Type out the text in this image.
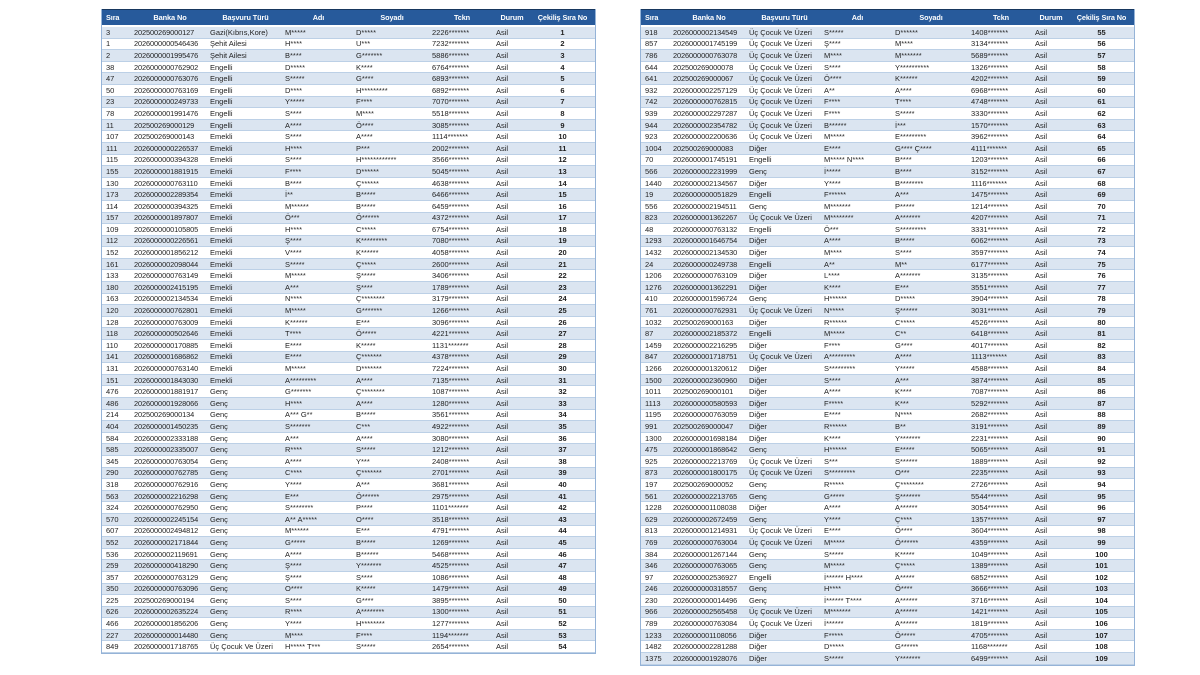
Sıra	Banka No	Başvuru Türü	Adı	Soyadı	Tckn	Durum	Çekiliş Sıra No
3	202500269000127	Gazi(Kıbrıs,Kore)	M*****	D*****	2226*******	Asil	1
1	2026000000546436	Şehit Ailesi	H****	U***	7232*******	Asil	2
2	2026000001995476	Şehit Ailesi	B****	G*******	5886*******	Asil	3
38	2026000000762902	Engelli	D*****	K****	6764*******	Asil	4
47	2026000000763076	Engelli	S*****	G****	6893*******	Asil	5
50	2026000000763169	Engelli	D****	H*********	6892*******	Asil	6
23	2026000000249733	Engelli	Y*****	F****	7070*******	Asil	7
78	2026000001991476	Engelli	S****	M****	5518*******	Asil	8
11	202500269000129	Engelli	A****	Ö****	3085*******	Asil	9
107	202500269000143	Emekli	S****	A****	1114*******	Asil	10
111	2026000000226537	Emekli	H****	P***	2002*******	Asil	11
115	2026000000394328	Emekli	S****	H************	3566*******	Asil	12
155	2026000001881915	Emekli	F****	D******	5045*******	Asil	13
130	2026000000763110	Emekli	B****	Ç******	4638*******	Asil	14
173	2026000002289354	Emekli	İ**	B*****	6466*******	Asil	15
114	2026000000394325	Emekli	M******	B*****	6459*******	Asil	16
157	2026000001897807	Emekli	Ö***	Ö******	4372*******	Asil	17
109	2026000000105805	Emekli	H****	C*****	6754*******	Asil	18
112	2026000000226561	Emekli	Ş****	K*********	7080*******	Asil	19
152	2026000001856212	Emekli	V****	K******	4058*******	Asil	20
161	2026000002098044	Emekli	S*****	Ç*****	2600*******	Asil	21
133	2026000000763149	Emekli	M*****	Ş*****	3406*******	Asil	22
180	2026000002415195	Emekli	A***	Ş****	1789*******	Asil	23
163	2026000002134534	Emekli	N****	Ç********	3179*******	Asil	24
120	2026000000762801	Emekli	M*****	G*******	1266*******	Asil	25
128	2026000000763009	Emekli	K******	E***	3096*******	Asil	26
118	2026000000502646	Emekli	T****	Ö*****	4221*******	Asil	27
110	2026000000170885	Emekli	E****	K*****	1131*******	Asil	28
141	2026000001686862	Emekli	E****	Ç*******	4378*******	Asil	29
131	2026000000763140	Emekli	M*****	D*******	7224*******	Asil	30
151	2026000001843030	Emekli	A*********	A****	7135*******	Asil	31
476	2026000001881917	Genç	G*******	Ç********	1087*******	Asil	32
486	2026000001928066	Genç	H****	A****	1280*******	Asil	33
214	202500269000134	Genç	A*** G**	B*****	3561*******	Asil	34
404	2026000001450235	Genç	S*******	C***	4922*******	Asil	35
584	2026000002333188	Genç	A***	A****	3080*******	Asil	36
585	2026000002335007	Genç	R****	S*****	1212*******	Asil	37
345	2026000000763054	Genç	A****	Y***	2408*******	Asil	38
290	2026000000762785	Genç	C****	Ç*******	2701*******	Asil	39
318	2026000000762916	Genç	Y****	A***	3681*******	Asil	40
563	2026000002216298	Genç	E***	Ö******	2975*******	Asil	41
324	2026000000762950	Genç	S********	P****	1101*******	Asil	42
570	2026000002245154	Genç	A** A*****	O****	3518*******	Asil	43
607	2026000002494812	Genç	M******	E***	4791*******	Asil	44
552	2026000002171844	Genç	G*****	B*****	1269*******	Asil	45
536	2026000002119691	Genç	A****	B******	5468*******	Asil	46
259	2026000000418290	Genç	Ş****	Y*******	4525*******	Asil	47
357	2026000000763129	Genç	Ş****	S****	1086*******	Asil	48
350	2026000000763096	Genç	O****	K*****	1479*******	Asil	49
225	202500269000194	Genç	S****	G****	3895*******	Asil	50
626	2026000002635224	Genç	R****	A********	1300*******	Asil	51
466	2026000001856206	Genç	Y****	H********	1277*******	Asil	52
227	2026000000014480	Genç	M****	F****	1194*******	Asil	53
849	2026000001718765	Üç Çocuk Ve Üzeri	H***** T***	S*****	2654*******	Asil	54
Sıra	Banka No	Başvuru Türü	Adı	Soyadı	Tckn	Durum	Çekiliş Sıra No
918	2026000002134549	Üç Çocuk Ve Üzeri	S*****	D******	1408*******	Asil	55
857	2026000001745199	Üç Çocuk Ve Üzeri	Ş****	M****	3134*******	Asil	56
786	2026000000763078	Üç Çocuk Ve Üzeri	M****	M*******	5689*******	Asil	57
644	202500269000078	Üç Çocuk Ve Üzeri	S****	Y**********	1326*******	Asil	58
641	202500269000067	Üç Çocuk Ve Üzeri	Ö****	K******	4202*******	Asil	59
932	2026000002257129	Üç Çocuk Ve Üzeri	A**	A****	6968*******	Asil	60
742	2026000000762815	Üç Çocuk Ve Üzeri	F****	T****	4748*******	Asil	61
939	2026000002297287	Üç Çocuk Ve Üzeri	F****	S*****	3330*******	Asil	62
944	2026000002354782	Üç Çocuk Ve Üzeri	B******	İ***	1570*******	Asil	63
923	2026000002200636	Üç Çocuk Ve Üzeri	M*****	E*********	3962*******	Asil	64
1004	202500269000083	Diğer	E****	G**** Ç****	4111*******	Asil	65
70	2026000001745191	Engelli	M***** N****	B****	1203*******	Asil	66
566	2026000002231999	Genç	İ*****	B****	3152*******	Asil	67
1440	2026000002134567	Diğer	Y****	B********	1116*******	Asil	68
19	2026000000051829	Engelli	F******	A***	1475*******	Asil	69
556	2026000002194511	Genç	M*******	P*****	1214*******	Asil	70
823	2026000001362267	Üç Çocuk Ve Üzeri	M********	A*******	4207*******	Asil	71
48	2026000000763132	Engelli	Ö***	S*********	3331*******	Asil	72
1293	2026000001646754	Diğer	A****	B*****	6062*******	Asil	73
1432	2026000002134530	Diğer	M****	S****	3597*******	Asil	74
24	2026000000249738	Engelli	A**	M**	6177*******	Asil	75
1206	2026000000763109	Diğer	L****	A*******	3135*******	Asil	76
1276	2026000001362291	Diğer	K****	E***	3551*******	Asil	77
410	2026000001596724	Genç	H******	D*****	3904*******	Asil	78
761	2026000000762931	Üç Çocuk Ve Üzeri	N*****	Ş******	3031*******	Asil	79
1032	202500269000163	Diğer	R******	C*****	4526*******	Asil	80
87	2026000002185372	Engelli	M*****	C**	6418*******	Asil	81
1459	2026000002216295	Diğer	F****	G****	4017*******	Asil	82
847	2026000001718751	Üç Çocuk Ve Üzeri	A*********	A****	1113*******	Asil	83
1266	2026000001320612	Diğer	S*********	Y*****	4588*******	Asil	84
1500	2026000002360960	Diğer	S****	A***	3874*******	Asil	85
1011	202500269000101	Diğer	A****	K****	7087*******	Asil	86
1113	2026000000580593	Diğer	F*****	K***	5292*******	Asil	87
1195	2026000000763059	Diğer	E****	N****	2682*******	Asil	88
991	202500269000047	Diğer	R******	B**	3191*******	Asil	89
1300	2026000001698184	Diğer	K****	Y*******	2231*******	Asil	90
475	2026000001868642	Genç	H******	E*****	5065*******	Asil	91
925	2026000002213769	Üç Çocuk Ve Üzeri	S***	S******	1889*******	Asil	92
873	2026000001800175	Üç Çocuk Ve Üzeri	S*********	O***	2235*******	Asil	93
197	202500269000052	Genç	R*****	Ç********	2726*******	Asil	94
561	2026000002213765	Genç	G*****	Ş*******	5544*******	Asil	95
1228	2026000001108038	Diğer	A****	A******	3054*******	Asil	96
629	2026000002672459	Genç	Y****	Ç****	1357*******	Asil	97
813	2026000001214931	Üç Çocuk Ve Üzeri	E****	Ö****	3604*******	Asil	98
769	2026000000763004	Üç Çocuk Ve Üzeri	M*****	Ö******	4359*******	Asil	99
384	2026000001267144	Genç	S*****	K*****	1049*******	Asil	100
346	2026000000763065	Genç	M*****	Ç*****	1389*******	Asil	101
97	2026000002536927	Engelli	İ****** H****	A*****	6852*******	Asil	102
246	2026000000318557	Genç	H****	Ö****	3666*******	Asil	103
230	2026000000014496	Genç	İ****** T****	A******	3716*******	Asil	104
966	2026000002565458	Üç Çocuk Ve Üzeri	M*******	A******	1421*******	Asil	105
789	2026000000763084	Üç Çocuk Ve Üzeri	İ******	A******	1819*******	Asil	106
1233	2026000001108056	Diğer	F*****	Ö*****	4705*******	Asil	107
1482	2026000002281288	Diğer	D*****	G******	1168*******	Asil	108
1375	2026000001928076	Diğer	S*****	Y*******	6499*******	Asil	109
